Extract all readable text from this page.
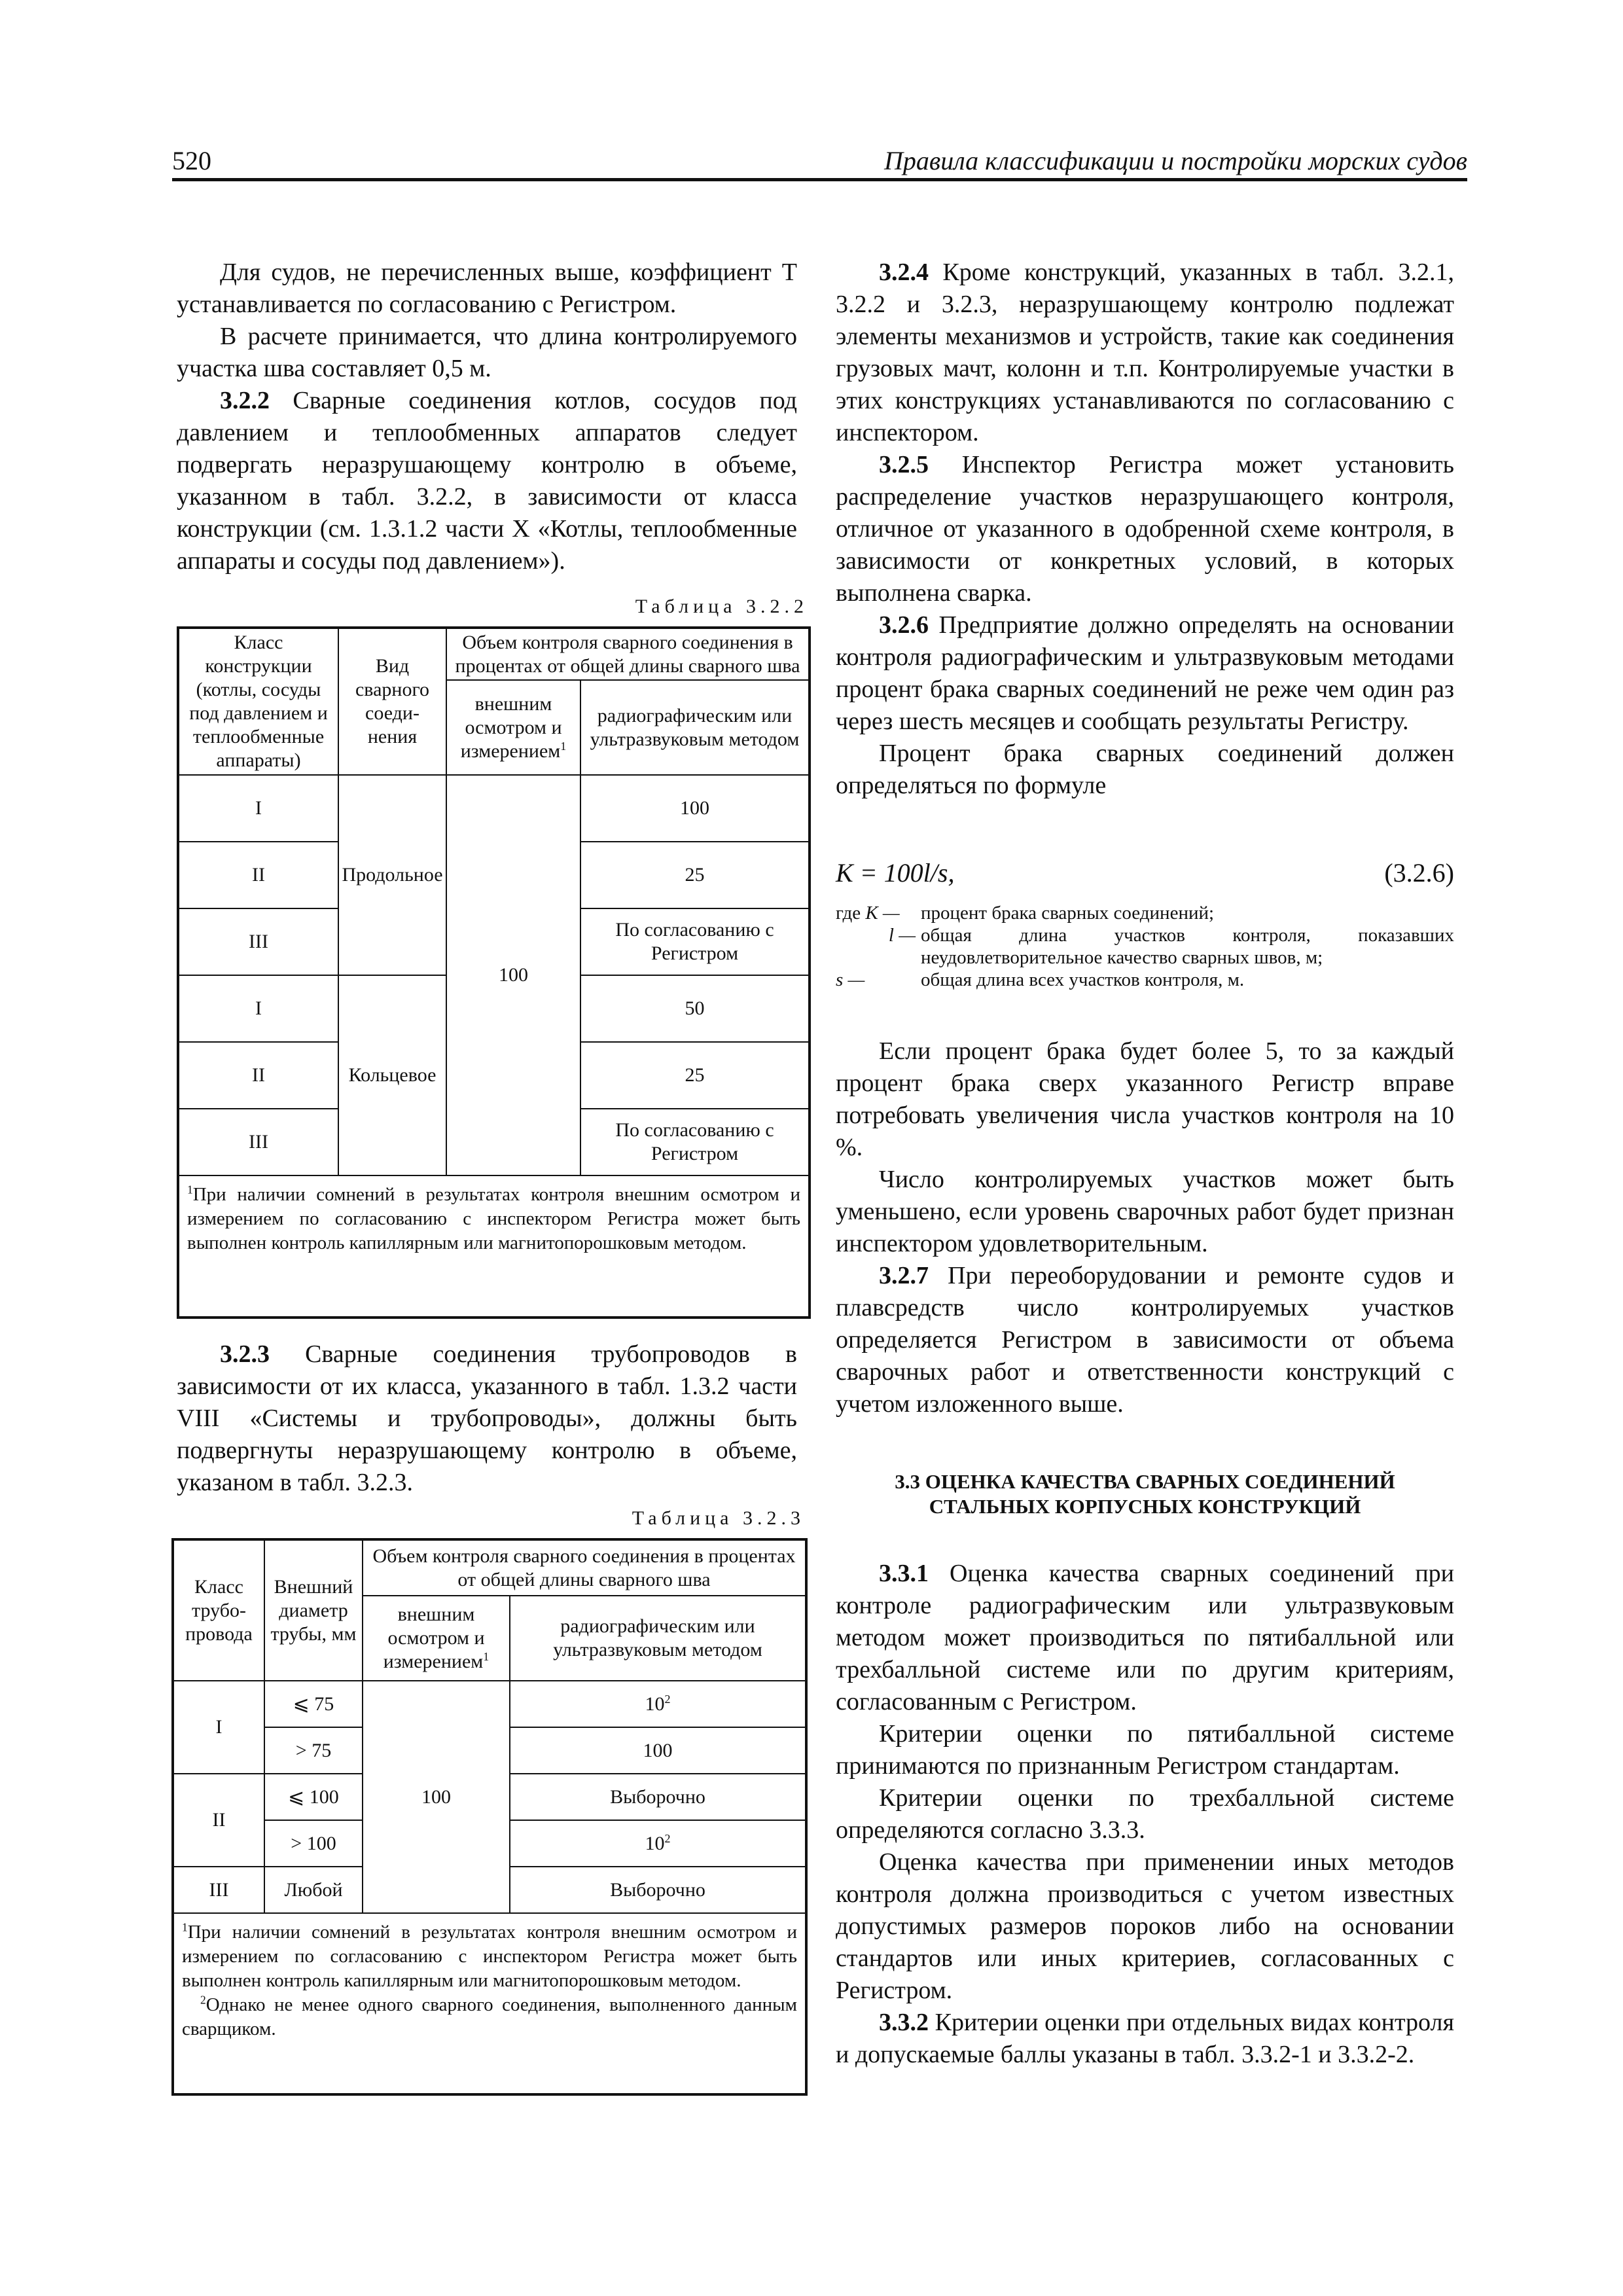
520	Правила классификации и постройки морских судов

Для судов, не перечисленных выше, коэффициент T устанавливается по согласованию с Регистром.

В расчете принимается, что длина контролируемого участка шва составляет 0,5 м.

3.2.2 Сварные соединения котлов, сосудов под давлением и теплообменных аппаратов следует подвергать неразрушающему контролю в объеме, указанном в табл. 3.2.2, в зависимости от класса конструкции (см. 1.3.1.2 части X «Котлы, теплообменные аппараты и сосуды под давлением»).

Таблица 3.2.2
Класс конструкции (котлы, сосуды под давлением и теплообменные аппараты)	Вид сварного соеди-нения	Объем контроля сварного соединения в процентах от общей длины сварного шва	
		внешним осмотром и измерением$^1$	радиографическим или ультразвуковым методом
I	Продольное	100	100
II			25
III			По согласованию с Регистром
I	Кольцевое		50
II			25
III			По согласованию с Регистром
$^1$При наличии сомнений в результатах контроля внешним осмотром и измерением по согласованию с инспектором Регистра может быть выполнен контроль капиллярным или магнитопорошковым методом.			

3.2.3 Сварные соединения трубопроводов в зависимости от их класса, указанного в табл. 1.3.2 части VIII «Системы и трубопроводы», должны быть подвергнуты неразрушающему контролю в объеме, указаном в табл. 3.2.3.

Таблица 3.2.3
Класс трубо-провода	Внешний диаметр трубы, мм	Объем контроля сварного соединения в процентах от общей длины сварного шва	
		внешним осмотром и измерением$^1$	радиографическим или ультразвуковым методом
I	⩽ 75	100	$10^2$
	> 75		100
II	⩽ 100		Выборочно
	> 100		$10^2$
III	Любой		Выборочно

$^1$При наличии сомнений в результатах контроля внешним осмотром и измерением по согласованию с инспектором Регистра может быть выполнен контроль капиллярным или магнитопорошковым методом.
$^2$Однако не менее одного сварного соединения, выполненного данным сварщиком.			

3.2.4 Кроме конструкций, указанных в табл. 3.2.1, 3.2.2 и 3.2.3, неразрушающему контролю подлежат элементы механизмов и устройств, такие как соединения грузовых мачт, колонн и т.п. Контролируемые участки в этих конструкциях устанавливаются по согласованию с инспектором.

3.2.5 Инспектор Регистра может установить распределение участков неразрушающего контроля, отличное от указанного в одобренной схеме контроля, в зависимости от конкретных условий, в которых выполнена сварка.

3.2.6 Предприятие должно определять на основании контроля радиографическим и ультразвуковым методами процент брака сварных соединений не реже чем один раз через шесть месяцев и сообщать результаты Регистру.

Процент брака сварных соединений должен определяться по формуле

K = 100l/s,	(3.2.6)
где K —	процент брака сварных соединений;
l — общая длина участков контроля, показавших неудовлетворительное качество сварных швов, м;
s —	общая длина всех участков контроля, м.

Если процент брака будет более 5, то за каждый процент брака сверх указанного Регистр вправе потребовать увеличения числа участков контроля на 10 %.

Число контролируемых участков может быть уменьшено, если уровень сварочных работ будет признан инспектором удовлетворительным.

3.2.7 При переоборудовании и ремонте судов и плавсредств число контролируемых участков определяется Регистром в зависимости от объема сварочных работ и ответственности конструкций с учетом изложенного выше.

3.3 ОЦЕНКА КАЧЕСТВА СВАРНЫХ СОЕДИНЕНИЙ
СТАЛЬНЫХ КОРПУСНЫХ КОНСТРУКЦИЙ

3.3.1 Оценка качества сварных соединений при контроле радиографическим или ультразвуковым методом может производиться по пятибалльной или трехбалльной системе или по другим критериям, согласованным с Регистром.

Критерии оценки по пятибалльной системе принимаются по признанным Регистром стандартам.

Критерии оценки по трехбалльной системе определяются согласно 3.3.3.

Оценка качества при применении иных методов контроля должна производиться с учетом известных допустимых размеров пороков либо на основании стандартов или иных критериев, согласованных с Регистром.

3.3.2 Критерии оценки при отдельных видах контроля и допускаемые баллы указаны в табл. 3.3.2-1 и 3.3.2-2.
